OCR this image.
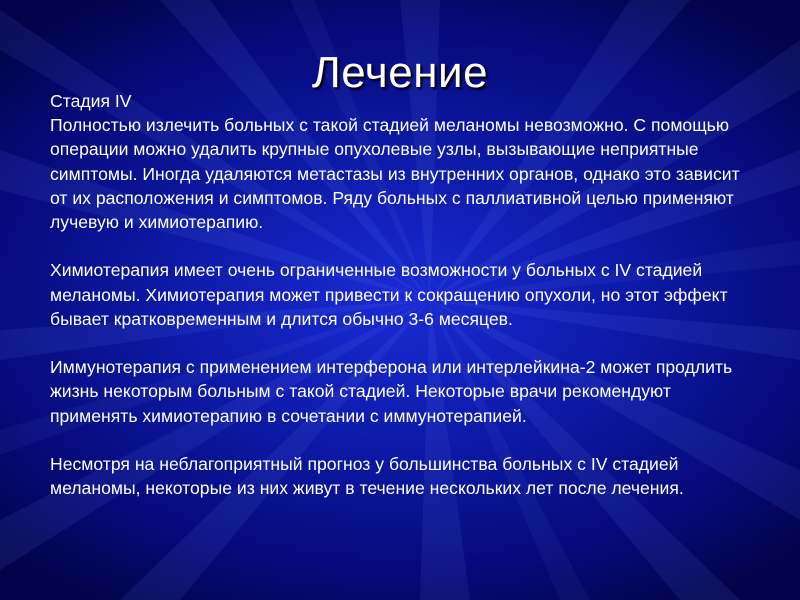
Лечение
Стадия IV

Полностью излечить больных с такой стадией меланомы невозможно. С помощью операции можно удалить крупные опухолевые узлы, вызывающие неприятные симптомы. Иногда удаляются метастазы из внутренних органов, однако это зависит от их расположения и симптомов. Ряду больных с паллиативной целью применяют лучевую и химиотерапию.

Химиотерапия имеет очень ограниченные возможности у больных с IV стадией меланомы. Химиотерапия может привести к сокращению опухоли, но этот эффект бывает кратковременным и длится обычно 3-6 месяцев.

Иммунотерапия с применением интерферона или интерлейкина-2 может продлить жизнь некоторым больным с такой стадией. Некоторые врачи рекомендуют применять химиотерапию в сочетании с иммунотерапией.

Несмотря на неблагоприятный прогноз у большинства больных с IV стадией меланомы, некоторые из них живут в течение нескольких лет после лечения.
